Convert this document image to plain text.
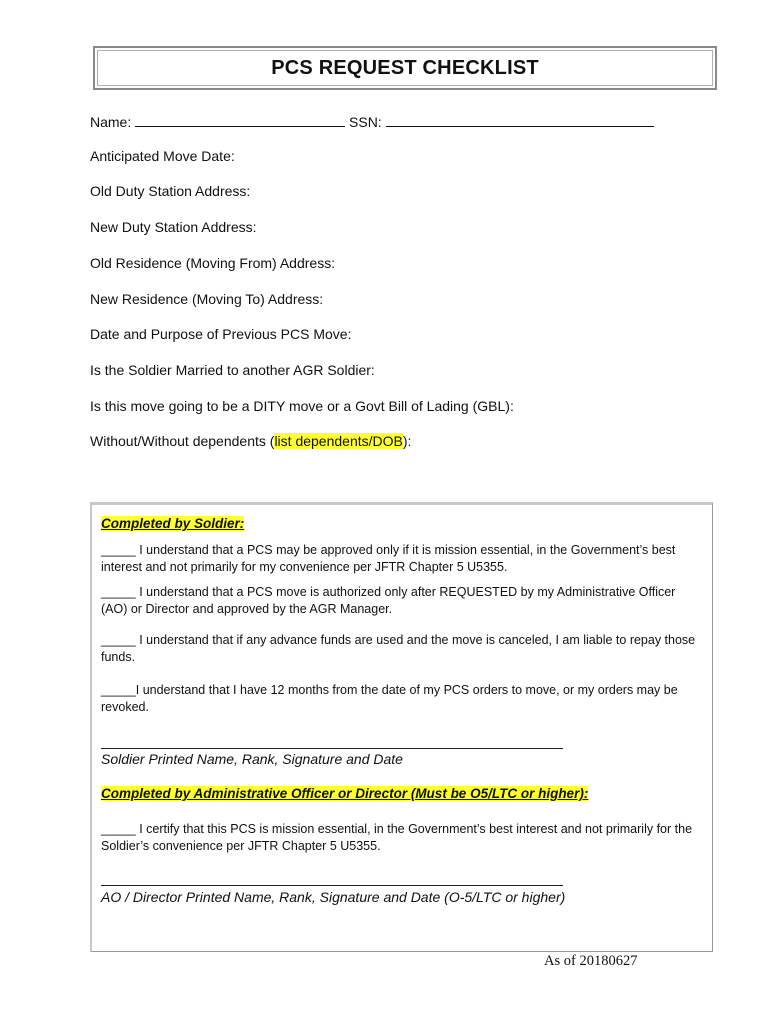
PCS REQUEST CHECKLIST
Name:	SSN:
Anticipated Move Date:
Old Duty Station Address:
New Duty Station Address:
Old Residence (Moving From) Address:
New Residence (Moving To) Address:
Date and Purpose of Previous PCS Move:
Is the Soldier Married to another AGR Soldier:
Is this move going to be a DITY move or a Govt Bill of Lading (GBL):
Without/Without dependents (list dependents/DOB):
Completed by Soldier:
_____ I understand that a PCS may be approved only if it is mission essential, in the Government’s best interest and not primarily for my convenience per JFTR Chapter 5 U5355.
_____ I understand that a PCS move is authorized only after REQUESTED by my Administrative Officer (AO) or Director and approved by the AGR Manager.
_____ I understand that if any advance funds are used and the move is canceled, I am liable to repay those funds.
_____I understand that I have 12 months from the date of my PCS orders to move, or my orders may be revoked.
Soldier Printed Name, Rank, Signature and Date
Completed by Administrative Officer or Director (Must be O5/LTC or higher):
_____ I certify that this PCS is mission essential, in the Government’s best interest and not primarily for the Soldier’s convenience per JFTR Chapter 5 U5355.
AO / Director Printed Name, Rank, Signature and Date (O-5/LTC or higher)
As of 20180627
